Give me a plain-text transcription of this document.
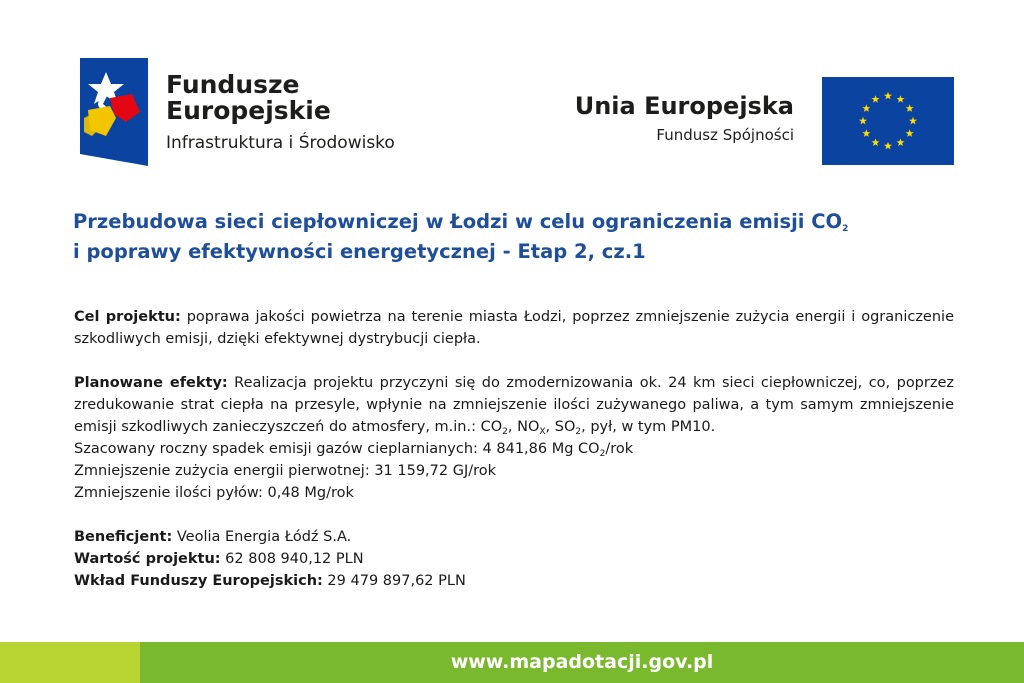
Fundusze
Europejskie
Infrastruktura i Środowisko
Unia Europejska
Fundusz Spójności
Przebudowa sieci ciepłowniczej w Łodzi w celu ograniczenia emisji $CO_2$
i poprawy efektywności energetycznej - Etap 2, cz.1

Cel projektu: poprawa jakości powietrza na terenie miasta Łodzi, poprzez zmniejszenie zużycia energii i ograniczenie szkodliwych emisji, dzięki efektywnej dystrybucji ciepła.

Planowane efekty: Realizacja projektu przyczyni się do zmodernizowania ok. 24 km sieci ciepłowniczej, co, poprzez zredukowanie strat ciepła na przesyle, wpłynie na zmniejszenie ilości zużywanego paliwa, a tym samym zmniejszenie emisji szkodliwych zanieczyszczeń do atmosfery, m.in.: $CO_2$, $NO_X$, $SO_2$, pył, w tym PM10.

Szacowany roczny spadek emisji gazów cieplarnianych: 4 841,86 Mg $CO_2$/rok

Zmniejszenie zużycia energii pierwotnej: 31 159,72 GJ/rok

Zmniejszenie ilości pyłów: 0,48 Mg/rok

Beneficjent: Veolia Energia Łódź S.A.

Wartość projektu: 62 808 940,12 PLN

Wkład Funduszy Europejskich: 29 479 897,62 PLN

www.mapadotacji.gov.pl
